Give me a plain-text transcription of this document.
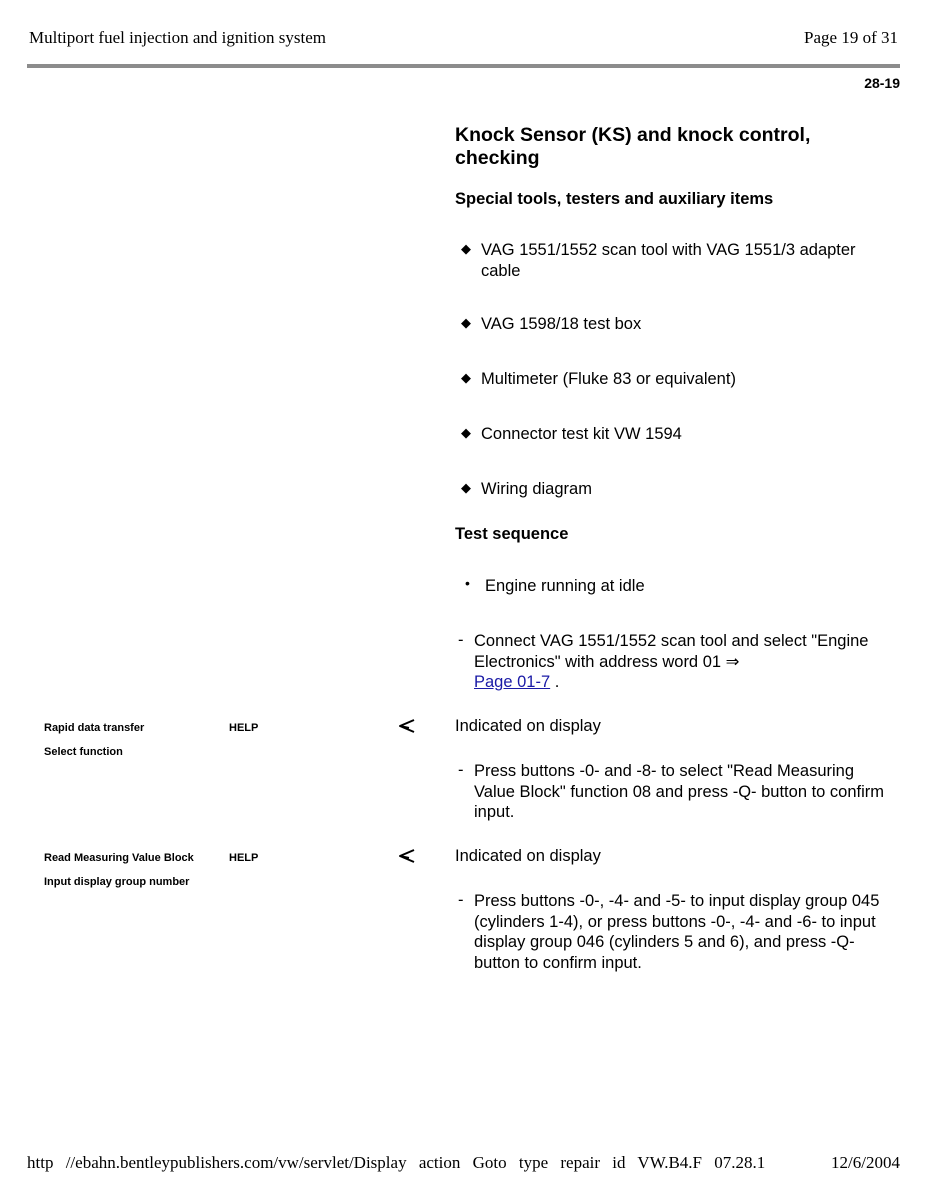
Multiport fuel injection and ignition system	Page 19 of 31
28-19
Knock Sensor (KS) and knock control, checking
Special tools, testers and auxiliary items
◆ VAG 1551/1552 scan tool with VAG 1551/3 adapter cable
◆ VAG 1598/18 test box
◆ Multimeter (Fluke 83 or equivalent)
◆ Connector test kit VW 1594
◆ Wiring diagram
Test sequence
• Engine running at idle
- Connect VAG 1551/1552 scan tool and select "Engine Electronics" with address word 01 ⇒
Page 01-7 .
Indicated on display
- Press buttons -0- and -8- to select "Read Measuring Value Block" function 08 and press -Q- button to confirm input.
Indicated on display
- Press buttons -0-, -4- and -5- to input display group 045 (cylinders 1-4), or press buttons -0-, -4- and -6- to input display group 046 (cylinders 5 and 6), and press -Q- button to confirm input.
Rapid data transfer	HELP
Select function
Read Measuring Value Block	HELP
Input display group number
http //ebahn.bentleypublishers.com/vw/servlet/Display action Goto type repair id VW.B4.F 07.28.1	12/6/2004
